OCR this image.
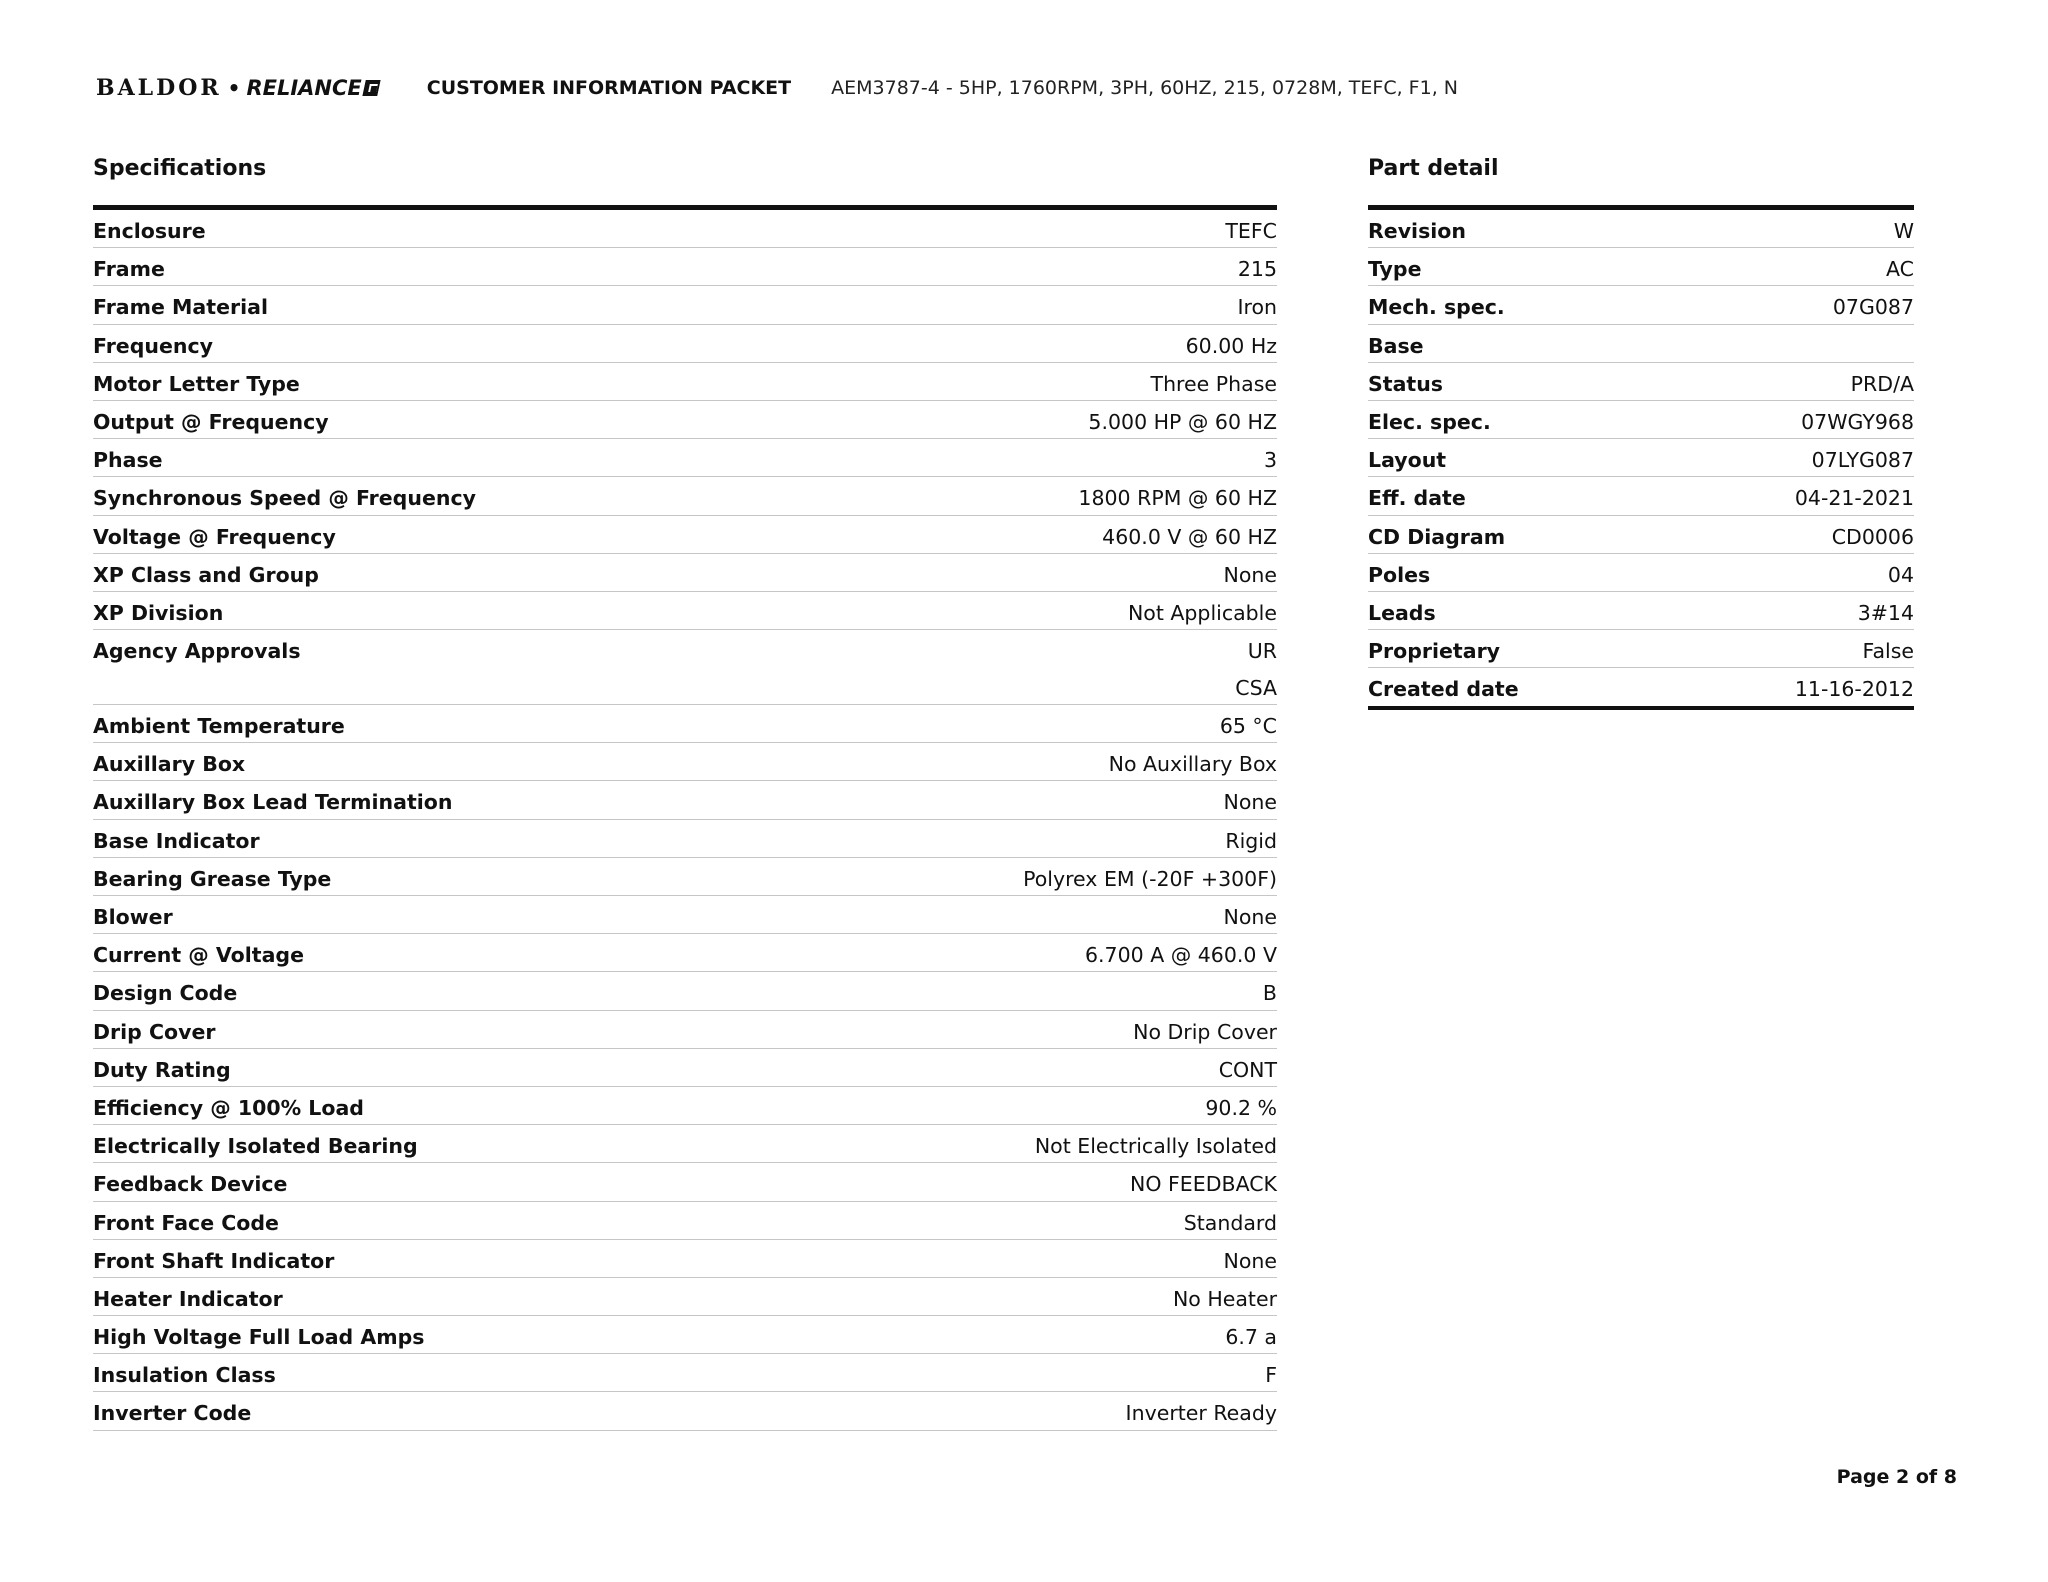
BALDOR • RELIANCE	CUSTOMER INFORMATION PACKET AEM3787-4 - 5HP, 1760RPM, 3PH, 60HZ, 215, 0728M, TEFC, F1, N
Specifications
Enclosure	TEFC
Frame	215
Frame Material	Iron
Frequency	60.00 Hz
Motor Letter Type	Three Phase
Output @ Frequency	5.000 HP @ 60 HZ
Phase	3
Synchronous Speed @ Frequency	1800 RPM @ 60 HZ
Voltage @ Frequency	460.0 V @ 60 HZ
XP Class and Group	None
XP Division	Not Applicable
Agency Approvals	UR
CSA
Ambient Temperature	65 °C
Auxillary Box	No Auxillary Box
Auxillary Box Lead Termination	None
Base Indicator	Rigid
Bearing Grease Type	Polyrex EM (-20F +300F)
Blower	None
Current @ Voltage	6.700 A @ 460.0 V
Design Code	B
Drip Cover	No Drip Cover
Duty Rating	CONT
Efficiency @ 100% Load	90.2 %
Electrically Isolated Bearing	Not Electrically Isolated
Feedback Device	NO FEEDBACK
Front Face Code	Standard
Front Shaft Indicator	None
Heater Indicator	No Heater
High Voltage Full Load Amps	6.7 a
Insulation Class	F
Inverter Code	Inverter Ready
Part detail
Revision	W
Type	AC
Mech. spec.	07G087
Base
Status	PRD/A
Elec. spec.	07WGY968
Layout	07LYG087
Eff. date	04-21-2021
CD Diagram	CD0006
Poles	04
Leads	3#14
Proprietary	False
Created date	11-16-2012
Page 2 of 8
